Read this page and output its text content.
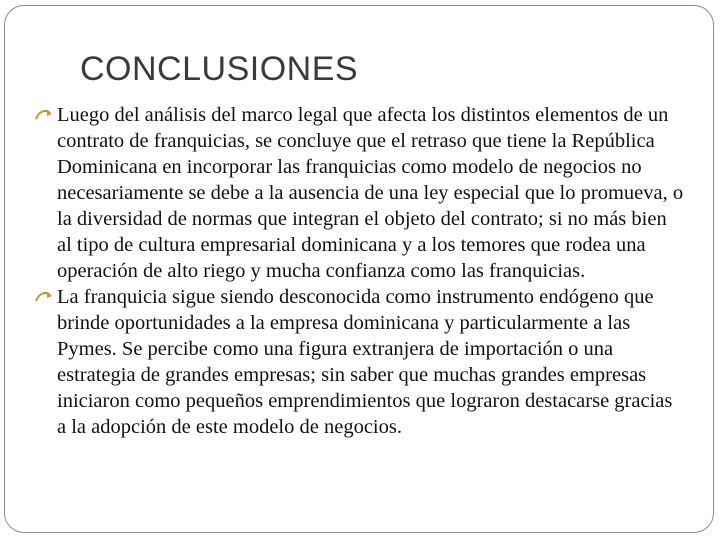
CONCLUSIONES
Luego del análisis del marco legal que afecta los distintos elementos de un contrato de franquicias, se concluye que el retraso que tiene la República Dominicana en incorporar las franquicias como modelo de negocios no necesariamente se debe a la ausencia de una ley especial que lo promueva, o la diversidad de normas que integran el objeto del contrato; si no más bien al tipo de cultura empresarial dominicana y a los temores que rodea una operación de alto riego y mucha confianza como las franquicias.
La franquicia sigue siendo desconocida como instrumento endógeno que brinde oportunidades a la empresa dominicana y particularmente a las Pymes. Se percibe como una figura extranjera de importación o una estrategia de grandes empresas; sin saber que muchas grandes empresas iniciaron como pequeños emprendimientos que lograron destacarse gracias a la adopción de este modelo de negocios.
